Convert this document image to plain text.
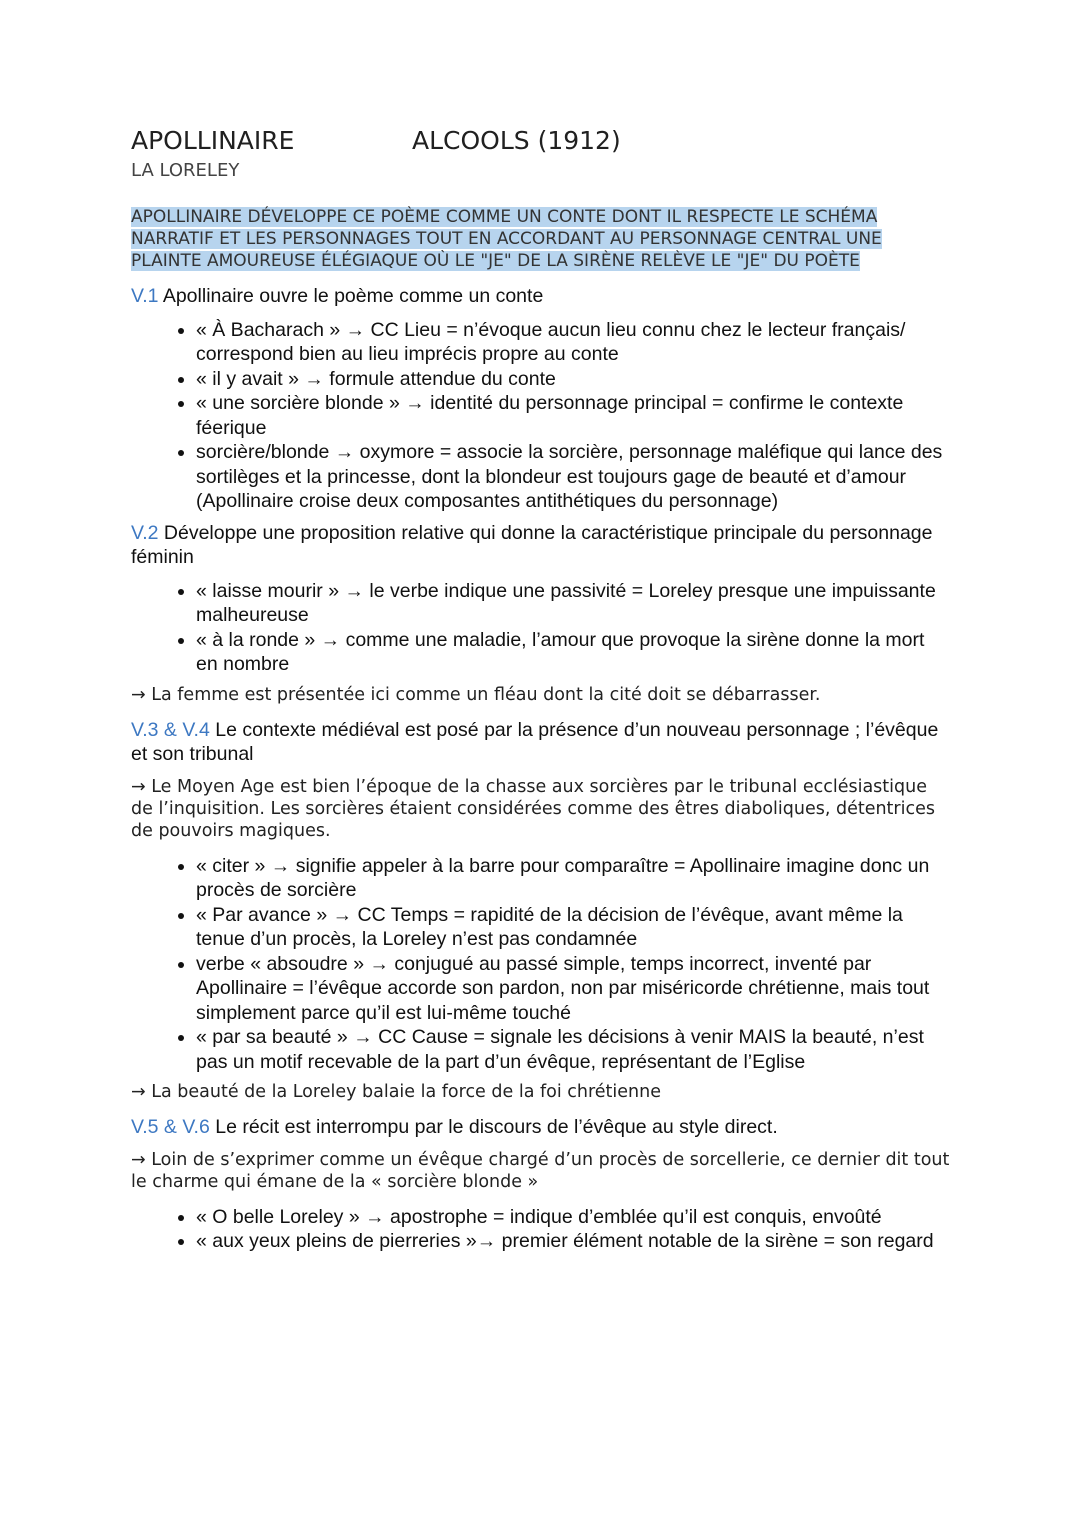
APOLLINAIRE	ALCOOLS (1912)
LA LORELEY

APOLLINAIRE DÉVELOPPE CE POÈME COMME UN CONTE DONT IL RESPECTE LE SCHÉMA NARRATIF ET LES PERSONNAGES TOUT EN ACCORDANT AU PERSONNAGE CENTRAL UNE PLAINTE AMOUREUSE ÉLÉGIAQUE OÙ LE "JE" DE LA SIRÈNE RELÈVE LE "JE" DU POÈTE

V.1 Apollinaire ouvre le poème comme un conte

• « À Bacharach » → CC Lieu = n’évoque aucun lieu connu chez le lecteur français/ correspond bien au lieu imprécis propre au conte
• « il y avait » → formule attendue du conte
• « une sorcière blonde » → identité du personnage principal = confirme le contexte féerique
• sorcière/blonde → oxymore = associe la sorcière, personnage maléfique qui lance des sortilèges et la princesse, dont la blondeur est toujours gage de beauté et d’amour (Apollinaire croise deux composantes antithétiques du personnage)

V.2 Développe une proposition relative qui donne la caractéristique principale du personnage féminin

• « laisse mourir » → le verbe indique une passivité = Loreley presque une impuissante malheureuse
• « à la ronde » → comme une maladie, l’amour que provoque la sirène donne la mort en nombre

→ La femme est présentée ici comme un fléau dont la cité doit se débarrasser.

V.3 & V.4 Le contexte médiéval est posé par la présence d’un nouveau personnage ; l’évêque et son tribunal

→ Le Moyen Age est bien l’époque de la chasse aux sorcières par le tribunal ecclésiastique de l’inquisition. Les sorcières étaient considérées comme des êtres diaboliques, détentrices de pouvoirs magiques.

• « citer » → signifie appeler à la barre pour comparaître = Apollinaire imagine donc un procès de sorcière
• « Par avance » → CC Temps = rapidité de la décision de l’évêque, avant même la tenue d’un procès, la Loreley n’est pas condamnée
• verbe « absoudre » → conjugué au passé simple, temps incorrect, inventé par Apollinaire = l’évêque accorde son pardon, non par miséricorde chrétienne, mais tout simplement parce qu’il est lui-même touché
• « par sa beauté » → CC Cause = signale les décisions à venir MAIS la beauté, n’est pas un motif recevable de la part d’un évêque, représentant de l’Eglise

→ La beauté de la Loreley balaie la force de la foi chrétienne

V.5 & V.6 Le récit est interrompu par le discours de l’évêque au style direct.

→ Loin de s’exprimer comme un évêque chargé d’un procès de sorcellerie, ce dernier dit tout le charme qui émane de la « sorcière blonde »

• « O belle Loreley » → apostrophe = indique d’emblée qu’il est conquis, envoûté
• « aux yeux pleins de pierreries »→ premier élément notable de la sirène = son regard
